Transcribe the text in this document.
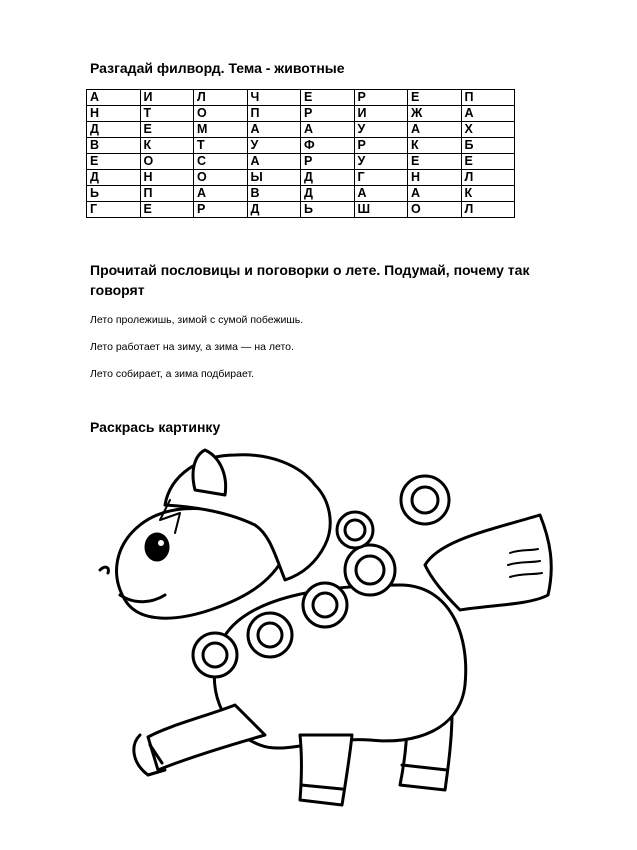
Разгадай филворд. Тема - животные
А	И	Л	Ч	Е	Р	Е	П
Н	Т	О	П	Р	И	Ж	А
Д	Е	М	А	А	У	А	Х
В	К	Т	У	Ф	Р	К	Б
Е	О	С	А	Р	У	Е	Е
Д	Н	О	Ы	Д	Г	Н	Л
Ь	П	А	В	Д	А	А	К
Г	Е	Р	Д	Ь	Ш	О	Л
Прочитай пословицы и поговорки о лете. Подумай, почему так говорят

Лето пролежишь, зимой с сумой побежишь.

Лето работает на зиму, а зима — на лето.

Лето собирает, а зима подбирает.

Раскрась картинку
